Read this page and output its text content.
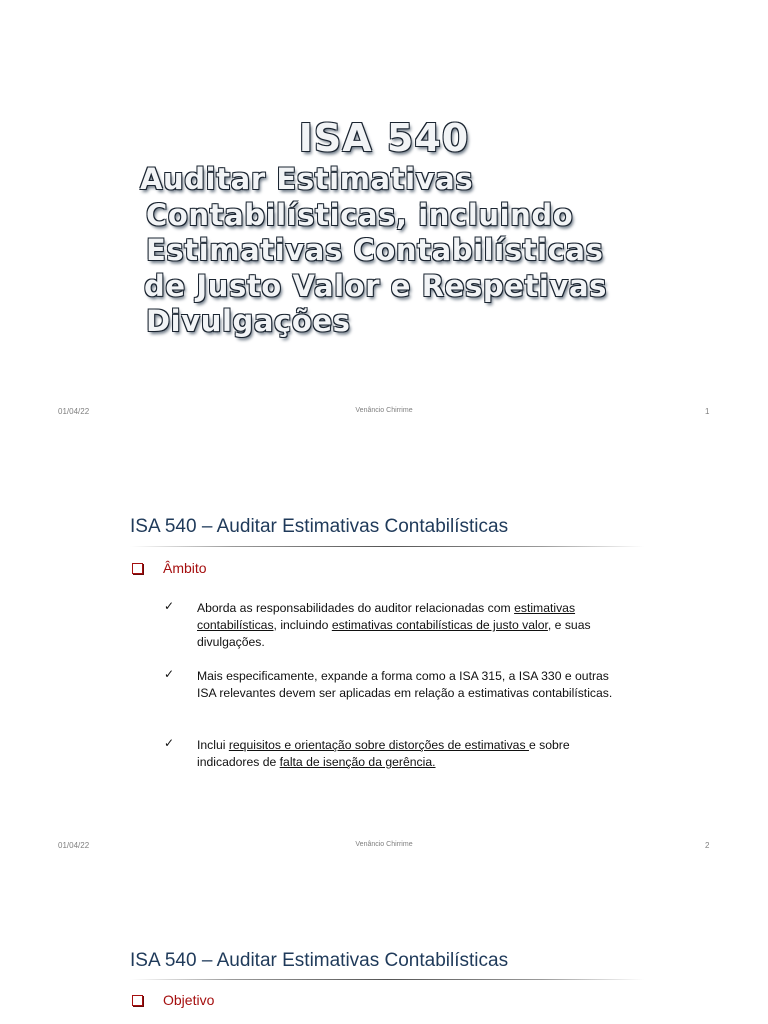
ISA 540
Auditar Estimativas
Contabilísticas, incluindo
Estimativas Contabilísticas
de Justo Valor e Respetivas
Divulgações
01/04/22	Venâncio Chirrime	1
ISA 540 – Auditar Estimativas Contabilísticas
Âmbito
✓ Aborda as responsabilidades do auditor relacionadas com estimativas contabilísticas, incluindo estimativas contabilísticas de justo valor, e suas divulgações.
✓ Mais especificamente, expande a forma como a ISA 315, a ISA 330 e outras ISA relevantes devem ser aplicadas em relação a estimativas contabilísticas.
✓ Inclui requisitos e orientação sobre distorções de estimativas e sobre indicadores de falta de isenção da gerência.
01/04/22	Venâncio Chirrime	2
ISA 540 – Auditar Estimativas Contabilísticas
Objetivo
